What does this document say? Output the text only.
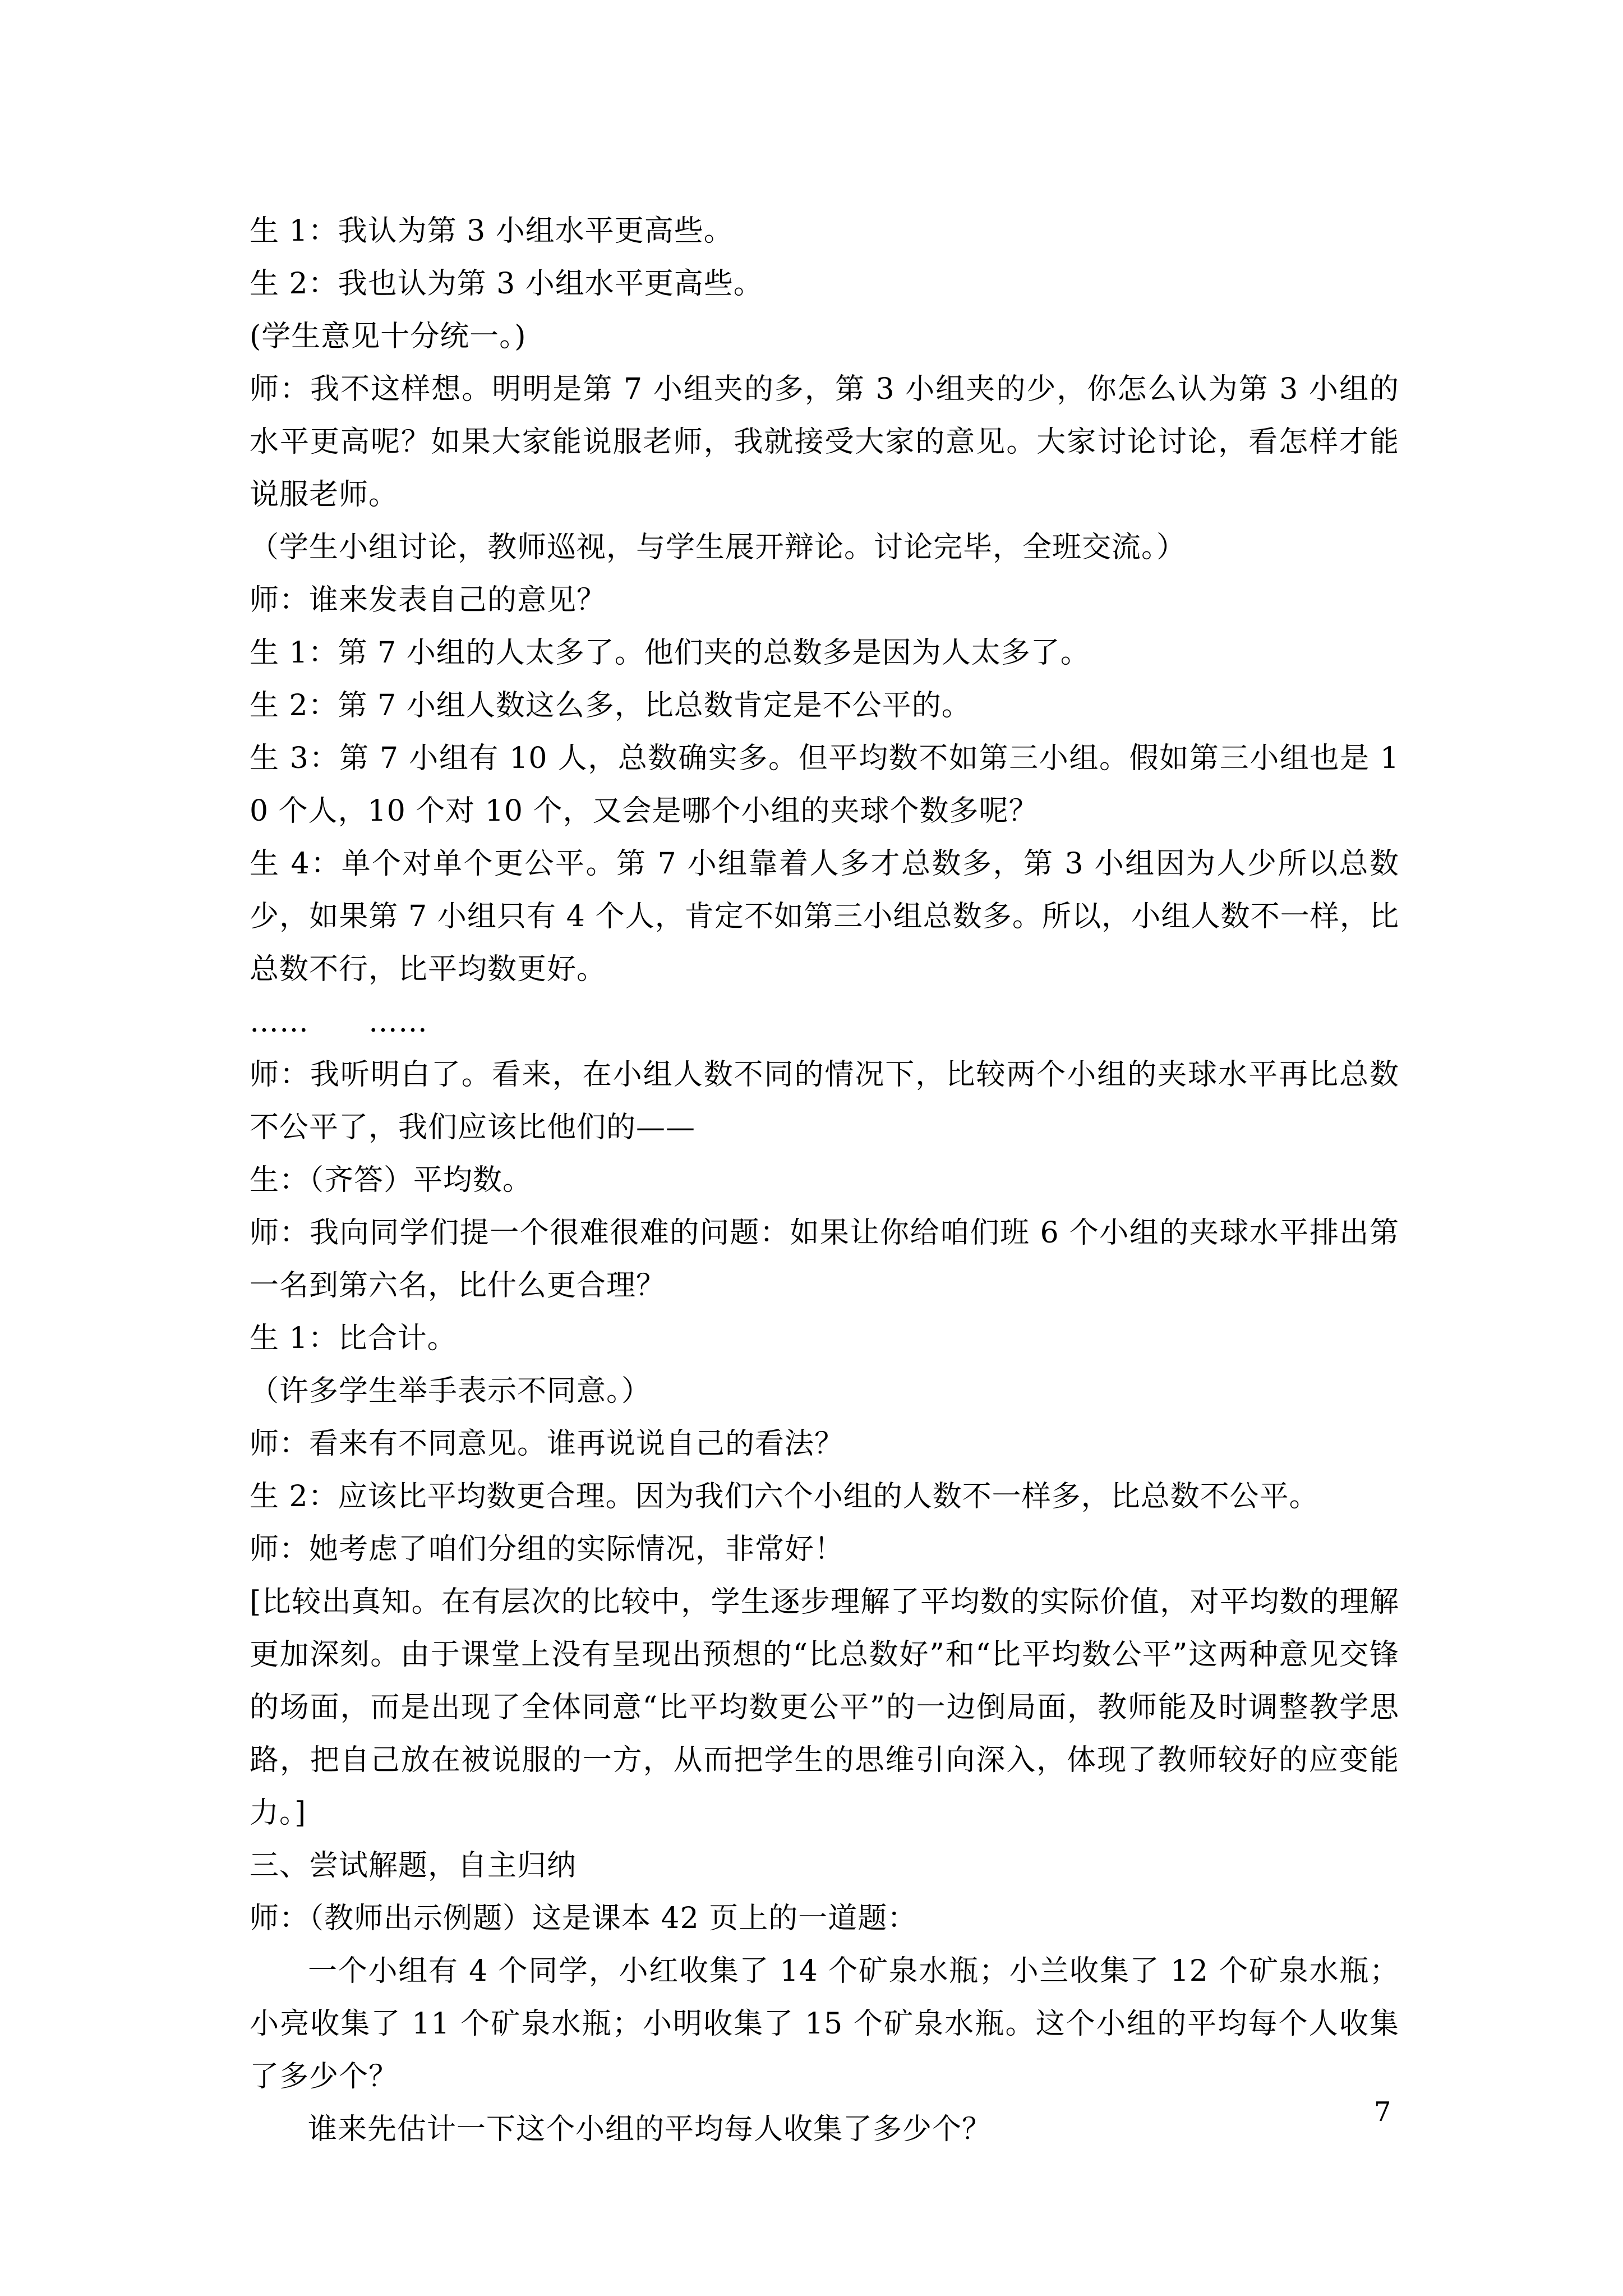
生 1：我认为第 3 小组水平更高些。

生 2：我也认为第 3 小组水平更高些。

(学生意见十分统一。)

师：我不这样想。明明是第 7 小组夹的多，第 3 小组夹的少，你怎么认为第 3 小组的水平更高呢？如果大家能说服老师，我就接受大家的意见。大家讨论讨论，看怎样才能说服老师。

（学生小组讨论，教师巡视，与学生展开辩论。讨论完毕，全班交流。）

师：谁来发表自己的意见？

生 1：第 7 小组的人太多了。他们夹的总数多是因为人太多了。

生 2：第 7 小组人数这么多，比总数肯定是不公平的。

生 3：第 7 小组有 10 人，总数确实多。但平均数不如第三小组。假如第三小组也是 10 个人，10 个对 10 个，又会是哪个小组的夹球个数多呢？

生 4：单个对单个更公平。第 7 小组靠着人多才总数多，第 3 小组因为人少所以总数少，如果第 7 小组只有 4 个人，肯定不如第三小组总数多。所以，小组人数不一样，比总数不行，比平均数更好。

……　　……

师：我听明白了。看来，在小组人数不同的情况下，比较两个小组的夹球水平再比总数不公平了，我们应该比他们的——

生：（齐答）平均数。

师：我向同学们提一个很难很难的问题：如果让你给咱们班 6 个小组的夹球水平排出第一名到第六名，比什么更合理？

生 1：比合计。

（许多学生举手表示不同意。）

师：看来有不同意见。谁再说说自己的看法？

生 2：应该比平均数更合理。因为我们六个小组的人数不一样多，比总数不公平。

师：她考虑了咱们分组的实际情况，非常好！

[比较出真知。在有层次的比较中，学生逐步理解了平均数的实际价值，对平均数的理解更加深刻。由于课堂上没有呈现出预想的“比总数好”和“比平均数公平”这两种意见交锋的场面，而是出现了全体同意“比平均数更公平”的一边倒局面，教师能及时调整教学思路，把自己放在被说服的一方，从而把学生的思维引向深入，体现了教师较好的应变能力。]

三、尝试解题，自主归纳

师：（教师出示例题）这是课本 42 页上的一道题：

一个小组有 4 个同学，小红收集了 14 个矿泉水瓶；小兰收集了 12 个矿泉水瓶；小亮收集了 11 个矿泉水瓶；小明收集了 15 个矿泉水瓶。这个小组的平均每个人收集了多少个？

谁来先估计一下这个小组的平均每人收集了多少个？

7
